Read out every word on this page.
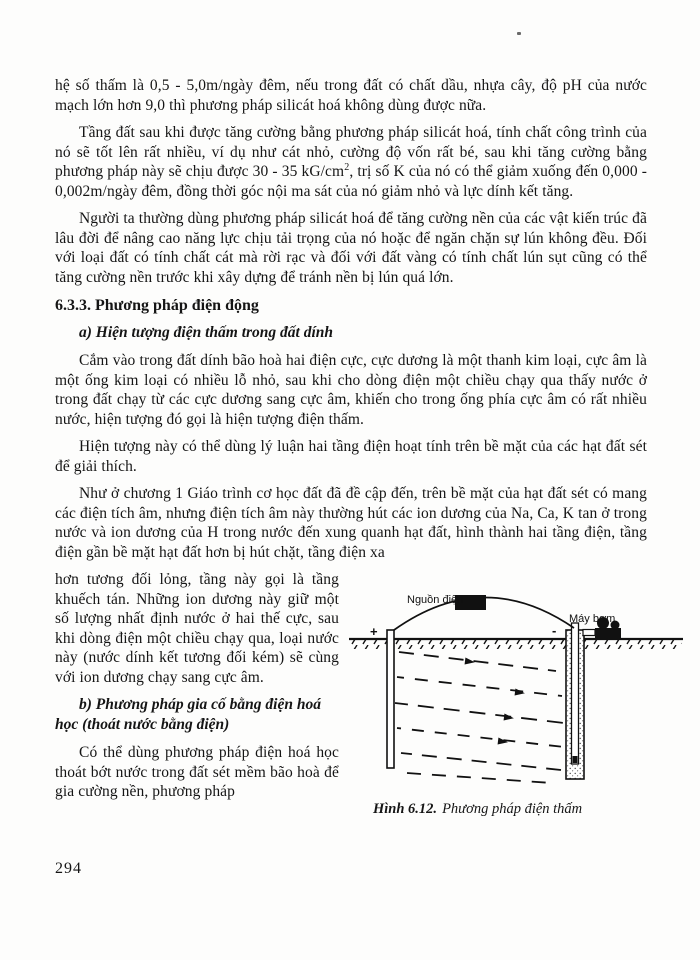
hệ số thấm là 0,5 - 5,0m/ngày đêm, nếu trong đất có chất dầu, nhựa cây, độ pH của nước mạch lớn hơn 9,0 thì phương pháp silicát hoá không dùng được nữa.

Tầng đất sau khi được tăng cường bằng phương pháp silicát hoá, tính chất công trình của nó sẽ tốt lên rất nhiều, ví dụ như cát nhỏ, cường độ vốn rất bé, sau khi tăng cường bằng phương pháp này sẽ chịu được 30 - 35 $kG/cm^2$, trị số K của nó có thể giảm xuống đến 0,000 - 0,002m/ngày đêm, đồng thời góc nội ma sát của nó giảm nhỏ và lực dính kết tăng.

Người ta thường dùng phương pháp silicát hoá để tăng cường nền của các vật kiến trúc đã lâu đời để nâng cao năng lực chịu tải trọng của nó hoặc để ngăn chặn sự lún không đều. Đối với loại đất có tính chất cát mà rời rạc và đối với đất vàng có tính chất lún sụt cũng có thể tăng cường nền trước khi xây dựng để tránh nền bị lún quá lớn.

6.3.3. Phương pháp điện động

a) Hiện tượng điện thấm trong đất dính

Cắm vào trong đất dính bão hoà hai điện cực, cực dương là một thanh kim loại, cực âm là một ống kim loại có nhiều lỗ nhỏ, sau khi cho dòng điện một chiều chạy qua thấy nước ở trong đất chạy từ các cực dương sang cực âm, khiến cho trong ống phía cực âm có rất nhiều nước, hiện tượng đó gọi là hiện tượng điện thấm.

Hiện tượng này có thể dùng lý luận hai tầng điện hoạt tính trên bề mặt của các hạt đất sét để giải thích.

Như ở chương 1 Giáo trình cơ học đất đã đề cập đến, trên bề mặt của hạt đất sét có mang các điện tích âm, nhưng điện tích âm này thường hút các ion dương của Na, Ca, K tan ở trong nước và ion dương của H trong nước đến xung quanh hạt đất, hình thành hai tầng điện, tầng điện gần bề mặt hạt đất hơn bị hút chặt, tầng điện xa

hơn tương đối lỏng, tầng này gọi là tầng khuếch tán. Những ion dương này giữ một số lượng nhất định nước ở hai thế cực, sau khi dòng điện một chiều chạy qua, loại nước này (nước dính kết tương đối kém) sẽ cùng với ion dương chạy sang cực âm.

b) Phương pháp gia cố bằng điện hoá học (thoát nước bằng điện)

Có thể dùng phương pháp điện hoá học thoát bớt nước trong đất sét mềm bão hoà để gia cường nền, phương pháp

Nguồn điện
Máy bơm
+	-

Hình 6.12. Phương pháp điện thấm

294
